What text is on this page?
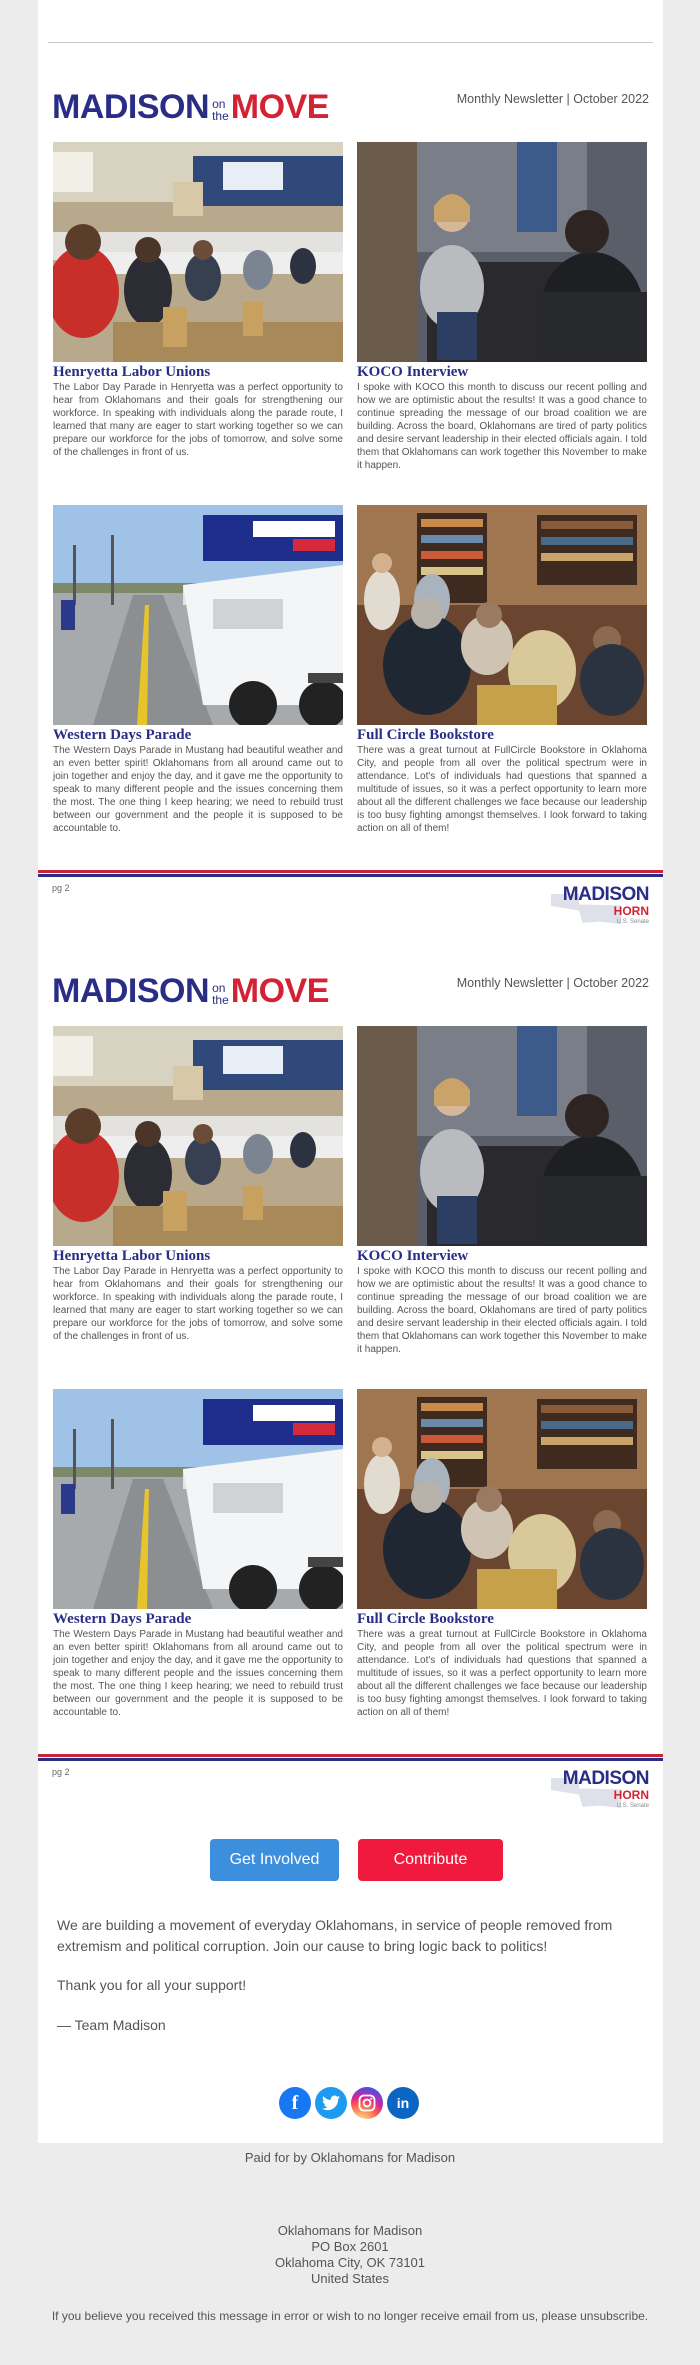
MADISON on
the MOVE	Monthly Newsletter | October 2022
Henryetta Labor Unions
The Labor Day Parade in Henryetta was a perfect opportunity to hear from Oklahomans and their goals for strengthening our workforce. In speaking with individuals along the parade route, I learned that many are eager to start working together so we can prepare our workforce for the jobs of tomorrow, and solve some of the challenges in front of us.
KOCO Interview
I spoke with KOCO this month to discuss our recent polling and how we are optimistic about the results! It was a good chance to continue spreading the message of our broad coalition we are building. Across the board, Oklahomans are tired of party politics and desire servant leadership in their elected officials again. I told them that Oklahomans can work together this November to make it happen.
Western Days Parade
The Western Days Parade in Mustang had beautiful weather and an even better spirit! Oklahomans from all around came out to join together and enjoy the day, and it gave me the opportunity to speak to many different people and the issues concerning them the most. The one thing I keep hearing; we need to rebuild trust between our government and the people it is supposed to be accountable to.
Full Circle Bookstore
There was a great turnout at FullCircle Bookstore in Oklahoma City, and people from all over the political spectrum were in attendance. Lot's of individuals had questions that spanned a multitude of issues, so it was a perfect opportunity to learn more about all the different challenges we face because our leadership is too busy fighting amongst themselves. I look forward to taking action on all of them!
pg 2	MADISON
HORN
U.S. Senate
MADISON on
the MOVE	Monthly Newsletter | October 2022
Henryetta Labor Unions
The Labor Day Parade in Henryetta was a perfect opportunity to hear from Oklahomans and their goals for strengthening our workforce. In speaking with individuals along the parade route, I learned that many are eager to start working together so we can prepare our workforce for the jobs of tomorrow, and solve some of the challenges in front of us.
KOCO Interview
I spoke with KOCO this month to discuss our recent polling and how we are optimistic about the results! It was a good chance to continue spreading the message of our broad coalition we are building. Across the board, Oklahomans are tired of party politics and desire servant leadership in their elected officials again. I told them that Oklahomans can work together this November to make it happen.
Western Days Parade
The Western Days Parade in Mustang had beautiful weather and an even better spirit! Oklahomans from all around came out to join together and enjoy the day, and it gave me the opportunity to speak to many different people and the issues concerning them the most. The one thing I keep hearing; we need to rebuild trust between our government and the people it is supposed to be accountable to.
Full Circle Bookstore
There was a great turnout at FullCircle Bookstore in Oklahoma City, and people from all over the political spectrum were in attendance. Lot's of individuals had questions that spanned a multitude of issues, so it was a perfect opportunity to learn more about all the different challenges we face because our leadership is too busy fighting amongst themselves. I look forward to taking action on all of them!
pg 2	MADISON
HORN
U.S. Senate
Get Involved	Contribute
We are building a movement of everyday Oklahomans, in service of people removed from extremism and political corruption. Join our cause to bring logic back to politics!
Thank you for all your support!
— Team Madison
f	in
Paid for by Oklahomans for Madison
Oklahomans for Madison
PO Box 2601
Oklahoma City, OK 73101
United States
If you believe you received this message in error or wish to no longer receive email from us, please unsubscribe.
